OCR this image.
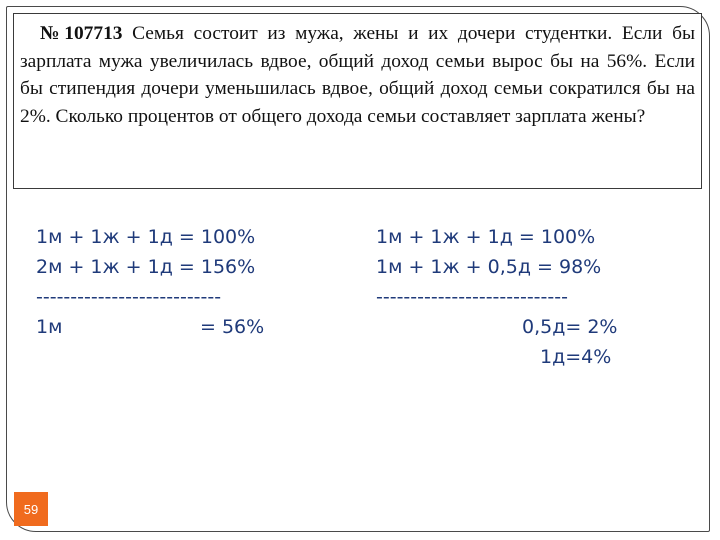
№107713 Семья состоит из мужа, жены и их дочери студентки. Если бы зарплата мужа увеличилась вдвое, общий доход семьи вырос бы на 56%. Если бы стипендия дочери уменьшилась вдвое, общий доход семьи сократился бы на 2%. Сколько процентов от общего дохода семьи составляет зарплата жены?

1м + 1ж + 1д = 100%

2м + 1ж + 1д = 156%

---------------------------

1м

	= 56%

1м + 1ж + 1д = 100%

1м + 1ж + 0,5д = 98%

----------------------------

0,5д= 2%

1д=4%

59
